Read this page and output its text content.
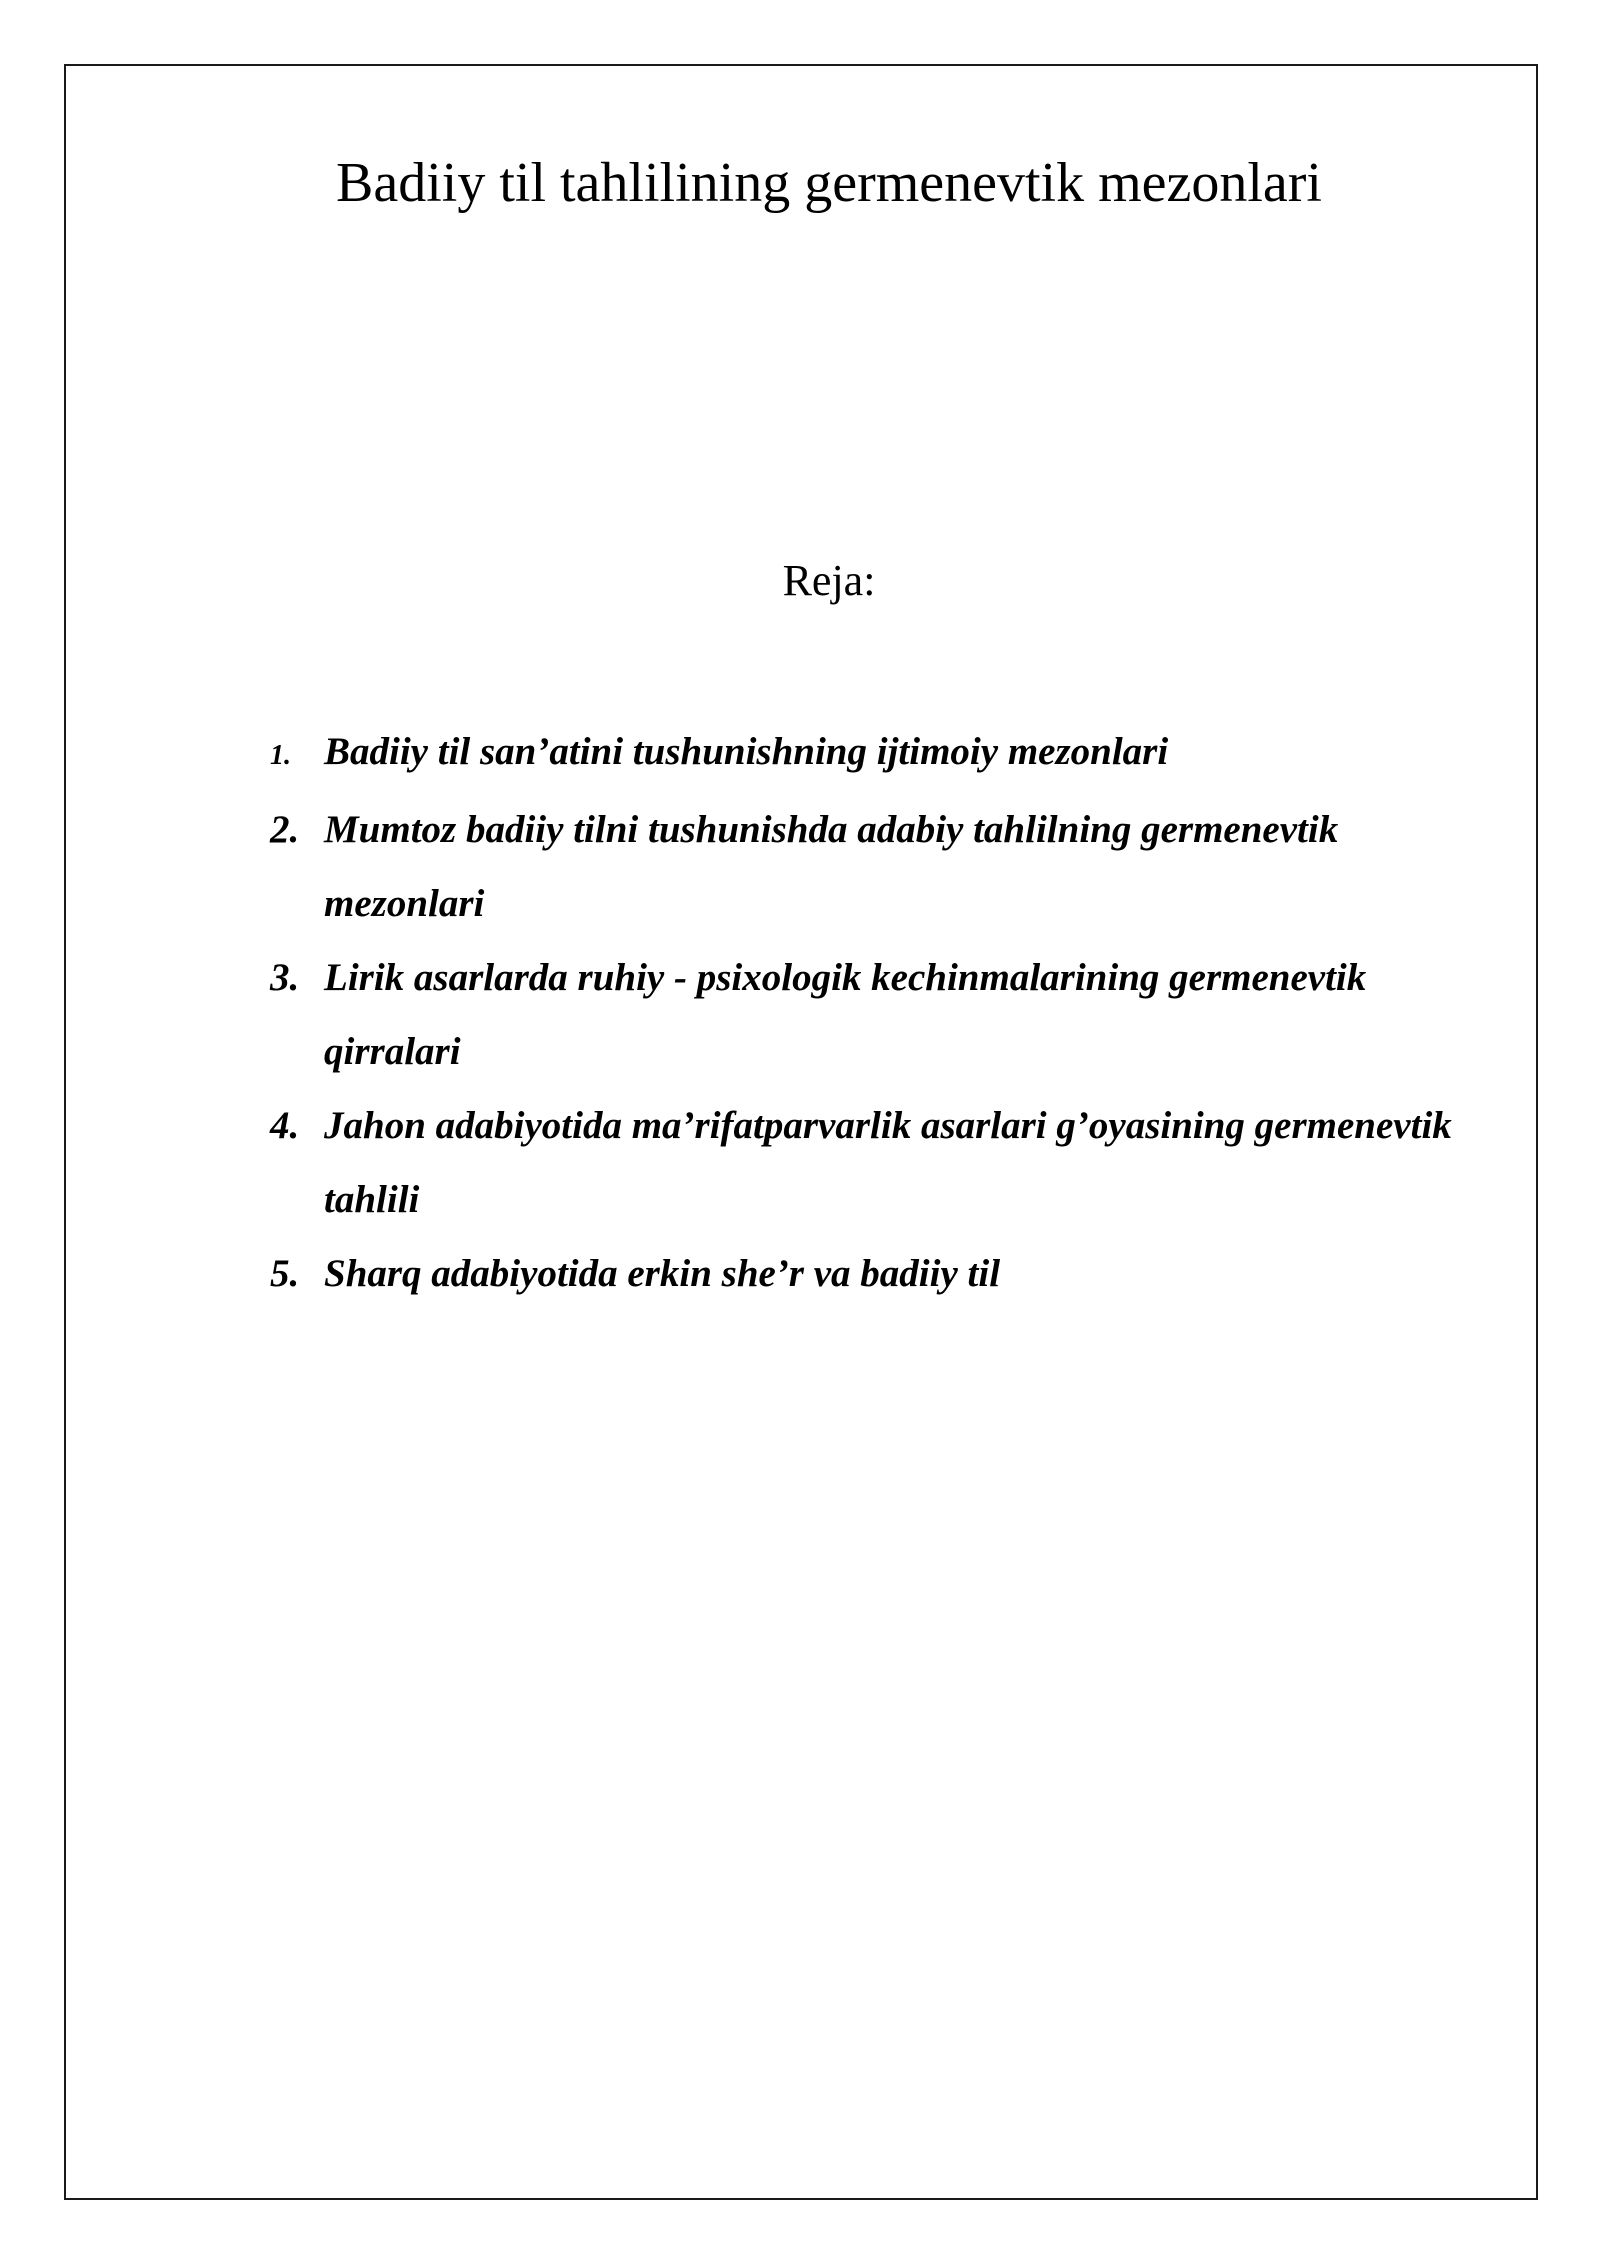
Badiiy til tahlilining germenevtik mezonlari
Reja:
1. Badiiy til san’atini tushunishning ijtimoiy mezonlari
2. Mumtoz badiiy tilni tushunishda adabiy tahlilning germenevtik mezonlari
3. Lirik asarlarda ruhiy - psixologik kechinmalarining germenevtik qirralari
4. Jahon adabiyotida ma’rifatparvarlik asarlari g’oyasining germenevtik tahlili
5. Sharq adabiyotida erkin she’r va badiiy til
